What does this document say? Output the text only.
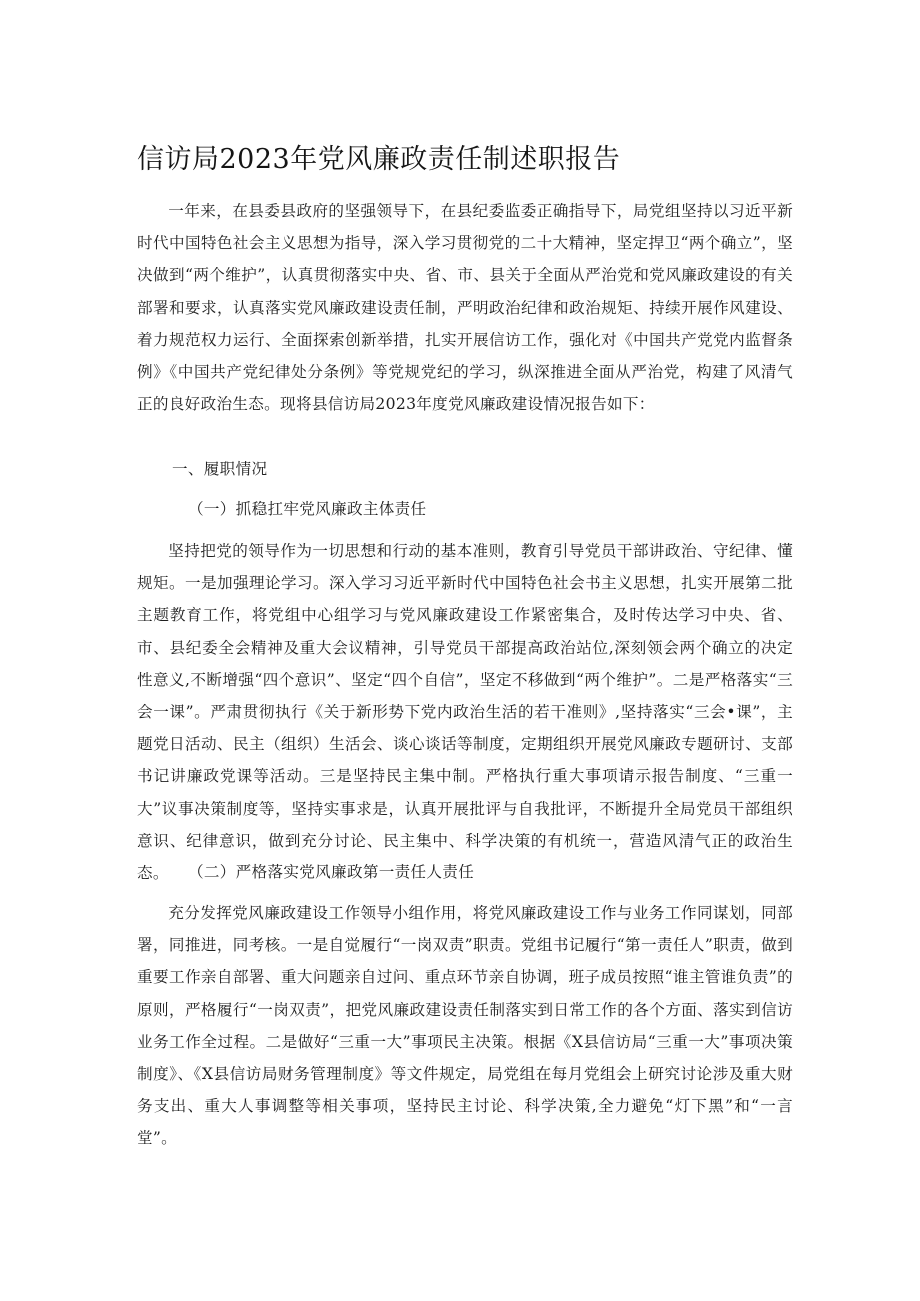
信访局2023年党风廉政责任制述职报告
一年来，在县委县政府的坚强领导下，在县纪委监委正确指导下，局党组坚持以习近平新时代中国特色社会主义思想为指导，深入学习贯彻党的二十大精神，坚定捍卫“两个确立”，坚决做到“两个维护”，认真贯彻落实中央、省、市、县关于全面从严治党和党风廉政建设的有关部署和要求，认真落实党风廉政建设责任制，严明政治纪律和政治规矩、持续开展作风建设、着力规范权力运行、全面探索创新举措，扎实开展信访工作，强化对《中国共产党党内监督条例》《中国共产党纪律处分条例》等党规党纪的学习，纵深推进全面从严治党，构建了风清气正的良好政治生态。现将县信访局2023年度党风廉政建设情况报告如下：
一、履职情况
（一）抓稳扛牢党风廉政主体责任
坚持把党的领导作为一切思想和行动的基本准则，教育引导党员干部讲政治、守纪律、懂规矩。一是加强理论学习。深入学习习近平新时代中国特色社会书主义思想，扎实开展第二批主题教育工作，将党组中心组学习与党风廉政建设工作紧密集合，及时传达学习中央、省、市、县纪委全会精神及重大会议精神，引导党员干部提高政治站位,深刻领会两个确立的决定性意义,不断增强“四个意识”、坚定“四个自信”，坚定不移做到“两个维护”。二是严格落实“三会一课”。严肃贯彻执行《关于新形势下党内政治生活的若干准则》,坚持落实“三会•课”，主题党日活动、民主（组织）生活会、谈心谈话等制度，定期组织开展党风廉政专题研讨、支部书记讲廉政党课等活动。三是坚持民主集中制。严格执行重大事项请示报告制度、“三重一大”议事决策制度等，坚持实事求是，认真开展批评与自我批评，不断提升全局党员干部组织意识、纪律意识，做到充分讨论、民主集中、科学决策的有机统一，营造风清气正的政治生态。	（二）严格落实党风廉政第一责任人责任
充分发挥党风廉政建设工作领导小组作用，将党风廉政建设工作与业务工作同谋划，同部署，同推进，同考核。一是自觉履行“一岗双责”职责。党组书记履行“第一责任人”职责，做到重要工作亲自部署、重大问题亲自过问、重点环节亲自协调，班子成员按照“谁主管谁负责”的原则，严格履行“一岗双责”，把党风廉政建设责任制落实到日常工作的各个方面、落实到信访业务工作全过程。二是做好“三重一大”事项民主决策。根据《X县信访局“三重一大”事项决策制度》、《X县信访局财务管理制度》等文件规定，局党组在每月党组会上研究讨论涉及重大财务支出、重大人事调整等相关事项，坚持民主讨论、科学决策,全力避免“灯下黑”和“一言堂”。
